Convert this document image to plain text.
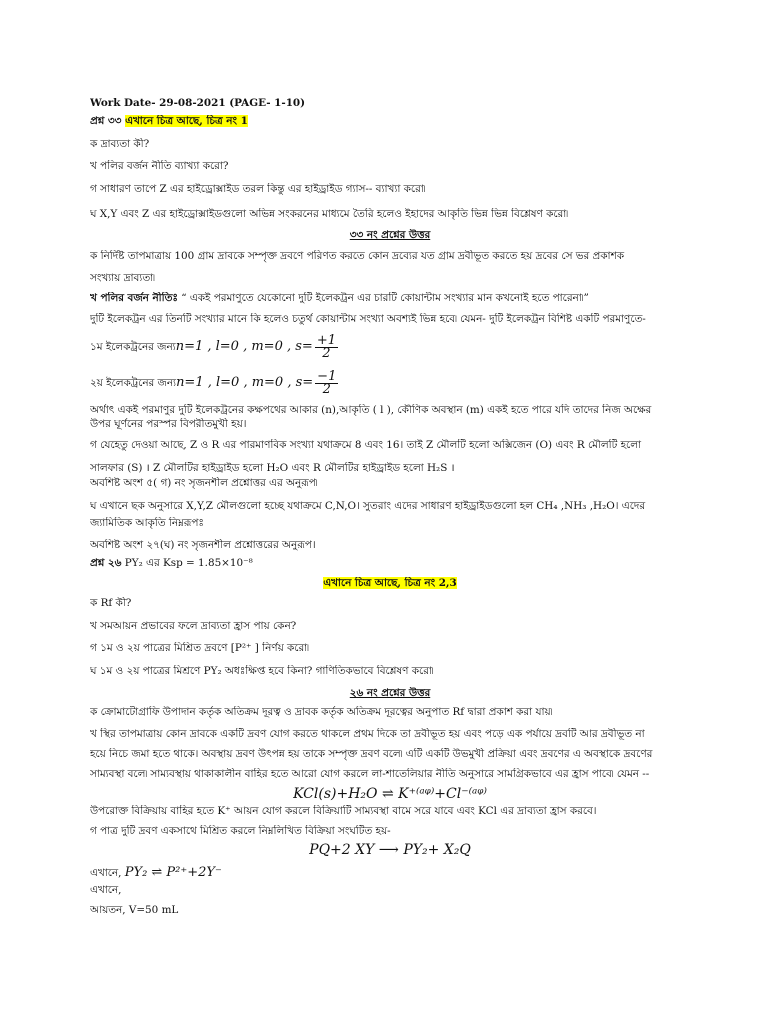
Work Date- 29-08-2021 (PAGE- 1-10)
প্রশ্ন ৩৩ এখানে চিত্র আছে, চিত্র নং 1
ক দ্রাব্যতা কী?
খ পলির বর্জন নীতি ব্যাখ্যা করো?
গ সাধারণ তাপে Z এর হাইড্রোক্সাইড তরল কিন্তু এর হাইড্রাইড গ্যাস-- ব্যাখ্যা করো৷
ঘ X,Y এবং Z এর হাইড্রোক্সাইডগুলো অভিন্ন সংকরনের মাধ্যমে তৈরি হলেও ইহাদের আকৃতি ভিন্ন ভিন্ন বিশ্লেষণ করো৷
৩৩ নং প্রশ্নের উত্তর
ক নির্দিষ্ট তাপমাত্রায় 100 গ্রাম দ্রাবকে সম্পৃক্ত দ্রবণে পরিণত করতে কোন দ্রব্যের যত গ্রাম দ্রবীভূত করতে হয় দ্রবের সে ভর প্রকাশক
সংখ্যায় দ্রাব্যতা৷
খ পলির বর্জন নীতিঃ “ একই পরমাণুতে যেকোনো দুটি ইলেকট্রন এর চারটি কোয়ান্টাম সংখ্যার মান কখনোই হতে পারেনা৷”
দুটি ইলেকট্রন এর তিনটি সংখ্যার মানে কি হলেও চতুর্থ কোয়ান্টাম সংখ্যা অবশ্যই ভিন্ন হবে৷ যেমন- দুটি ইলেকট্রন বিশিষ্ট একটি পরমাণুতে-
১ম ইলেকট্রনের জন্যn=1 , l=0 , m=0 , $s= \frac{+1}{2}$
২য় ইলেকট্রনের জন্যn=1 , l=0 , m=0 , $s= \frac{-1}{2}$
অর্থাৎ একই পরমাণুর দুটি ইলেকট্রনের কক্ষপথের আকার (n),আকৃতি ( l ), কৌণিক অবস্থান (m) একই হতে পারে যদি তাদের নিজ অক্ষের
উপর ঘূর্ণনের পরস্পর বিপরীতমুখী হয়।
গ যেহেতু দেওয়া আছে, Z ও R এর পারমাণবিক সংখ্যা যথাক্রমে 8 এবং 16। তাই Z মৌলটি হলো অক্সিজেন (O) এবং R মৌলটি হলো
সালফার (S) । Z মৌলটির হাইড্রাইড হলো H₂O এবং R মৌলটির হাইড্রাইড হলো H₂S ।
অবশিষ্ট অংশ ৫( গ) নং সৃজনশীল প্রশ্নোত্তর এর অনুরূপ৷
ঘ এখানে ছক অনুসারে X,Y,Z মৌলগুলো হচ্ছে যথাক্রমে C,N,O। সুতরাং এদের সাধারণ হাইড্রাইডগুলো হল CH₄ ,NH₃ ,H₂O। এদের
জ্যামিতিক আকৃতি নিম্নরূপঃ
অবশিষ্ট অংশ ২৭(ঘ) নং সৃজনশীল প্রশ্নোত্তরের অনুরূপ।
প্রশ্ন ২৬ PY₂ এর Ksp = 1.85×10⁻⁸
এখানে চিত্র আছে, চিত্র নং 2,3
ক Rf কী?
খ সমআয়ন প্রভাবের ফলে দ্রাব্যতা হ্রাস পায় কেন?
গ ১ম ও ২য় পাত্রের মিশ্রিত দ্রবণে [P²⁺ ] নির্ণয় করো৷
ঘ ১ম ও ২য় পাত্রের মিশ্রণে PY₂ অধঃক্ষিপ্ত হবে কিনা? গাণিতিকভাবে বিশ্লেষণ করো৷
২৬ নং প্রশ্নের উত্তর
ক ক্রোমাটোগ্রাফি উপাদান কর্তৃক অতিক্রম দূরত্ব ও দ্রাবক কর্তৃক অতিক্রম দূরত্বের অনুপাত Rf দ্বারা প্রকাশ করা যায়৷
খ স্থির তাপমাত্রায় কোন দ্রাবকে একটি দ্রবণ যোগ করতে থাকলে প্রথম দিকে তা দ্রবীভূত হয় এবং পড়ে এক পর্যায়ে দ্রবটি আর দ্রবীভূত না
হয়ে নিচে জমা হতে থাকে। অবস্থায় দ্রবণ উৎপন্ন হয় তাকে সম্পৃক্ত দ্রবণ বলে৷ এটি একটি উভমুখী প্রক্রিয়া এবং দ্রবণের এ অবস্থাকে দ্রবণের
সাম্যবস্থা বলে৷ সাম্যবস্থায় থাকাকালীন বাহির হতে আরো যোগ করলে লা-শাতেলিয়ার নীতি অনুসারে সামগ্রিকভাবে এর হ্রাস পাবে৷ যেমন --
KCl(s)+H₂O ⇌ K⁺⁽ᵃᵠ⁾+Cl⁻⁽ᵃᵠ⁾
উপরোক্ত বিক্রিয়ায় বাহির হতে K⁺ আয়ন যোগ করলে বিক্রিয়াটি সাম্যবস্থা বামে সরে যাবে এবং KCl এর দ্রাব্যতা হ্রাস করবে।
গ পাত্র দুটি দ্রবণ একসাথে মিশ্রিত করলে নিম্নলিখিত বিক্রিয়া সংঘটিত হয়-
PQ+2 XY ⟶ PY₂+ X₂Q
এখানে, PY₂ ⇌ P²⁺+2Y⁻
এখানে,
আয়তন, V=50 mL
